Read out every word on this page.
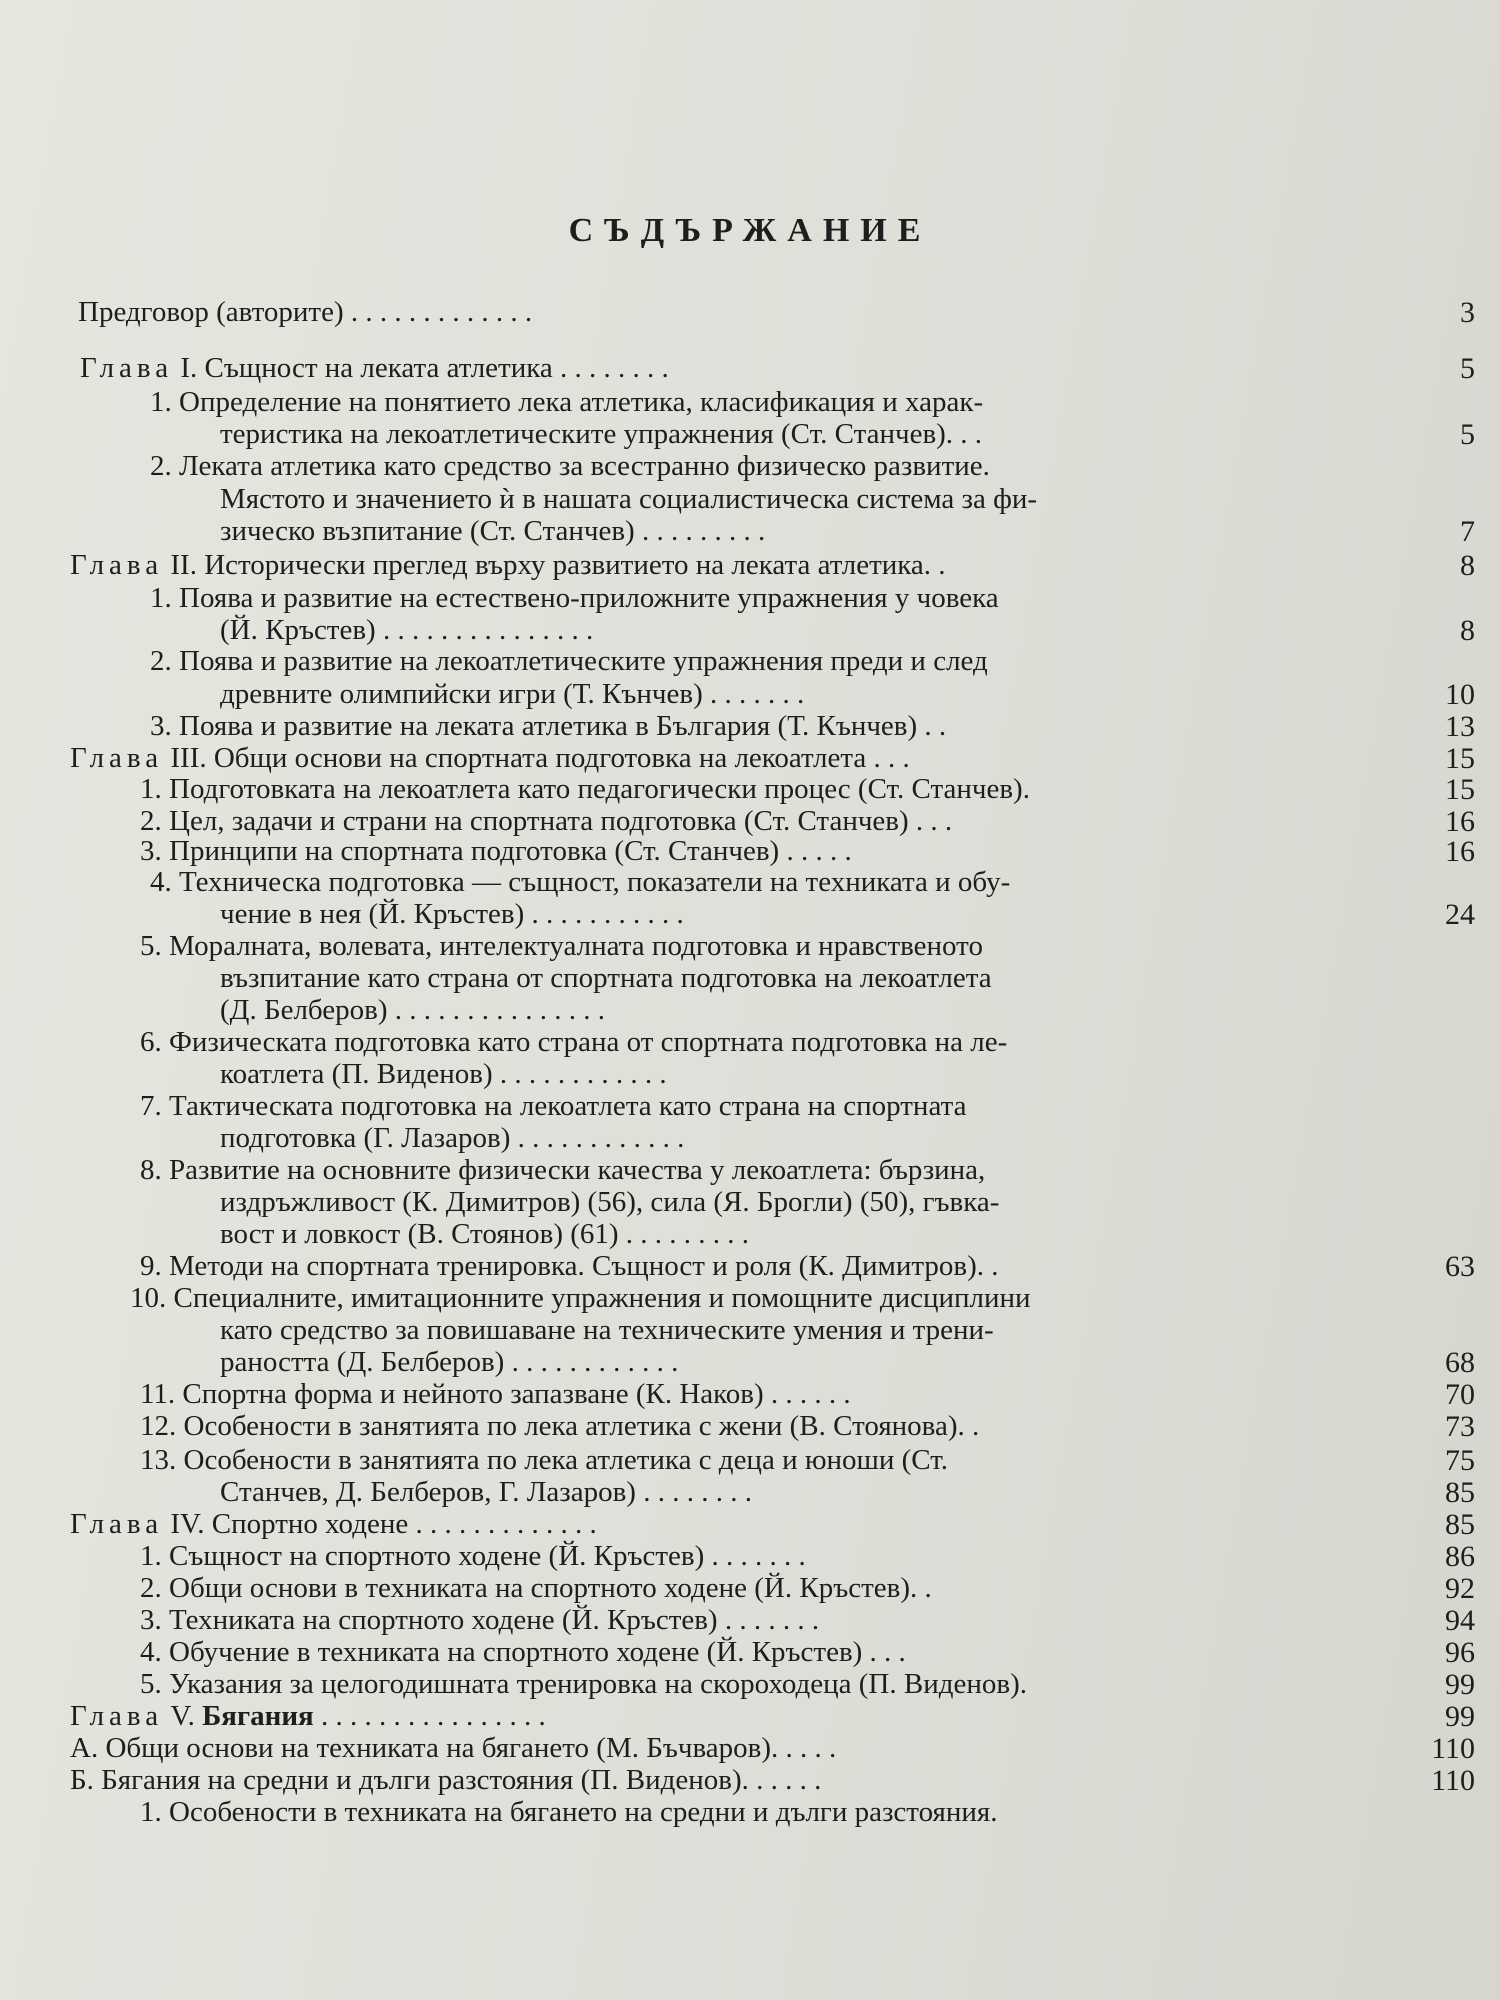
СЪДЪРЖАНИЕ
Предговор (авторите) . . . . . . . . . . . . .	3
Глава I. Същност на леката атлетика . . . . . . . .	5
1. Определение на понятието лека атлетика, класификация и харак-
теристика на лекоатлетическите упражнения (Ст. Станчев). . .	5
2. Леката атлетика като средство за всестранно физическо развитие.
Мястото и значението ѝ в нашата социалистическа система за фи-
зическо възпитание (Ст. Станчев) . . . . . . . . .	7
Глава II. Исторически преглед върху развитието на леката атлетика. .	8
1. Поява и развитие на естествено-приложните упражнения у човека
(Й. Кръстев) . . . . . . . . . . . . . . .	8
2. Поява и развитие на лекоатлетическите упражнения преди и след
древните олимпийски игри (Т. Кънчев) . . . . . . .	10
3. Поява и развитие на леката атлетика в България (Т. Кънчев) . .	13
Глава III. Общи основи на спортната подготовка на лекоатлета . . .	15
1. Подготовката на лекоатлета като педагогически процес (Ст. Станчев).	15
2. Цел, задачи и страни на спортната подготовка (Ст. Станчев) . . .	16
3. Принципи на спортната подготовка (Ст. Станчев) . . . . .	16
4. Техническа подготовка — същност, показатели на техниката и обу-
чение в нея (Й. Кръстев) . . . . . . . . . . .	24
5. Моралната, волевата, интелектуалната подготовка и нравственото
възпитание като страна от спортната подготовка на лекоатлета
(Д. Белберов) . . . . . . . . . . . . . . .
6. Физическата подготовка като страна от спортната подготовка на ле-
коатлета (П. Виденов) . . . . . . . . . . . .
7. Тактическата подготовка на лекоатлета като страна на спортната
подготовка (Г. Лазаров) . . . . . . . . . . . .
8. Развитие на основните физически качества у лекоатлета: бързина,
издръжливост (К. Димитров) (56), сила (Я. Брогли) (50), гъвка-
вост и ловкост (В. Стоянов) (61) . . . . . . . . .
9. Методи на спортната тренировка. Същност и роля (К. Димитров). .	63
10. Специалните, имитационните упражнения и помощните дисциплини
като средство за повишаване на техническите умения и трени-
раността (Д. Белберов) . . . . . . . . . . . .	68
11. Спортна форма и нейното запазване (К. Наков) . . . . . .	70
12. Особености в занятията по лека атлетика с жени (В. Стоянова). .	73
13. Особености в занятията по лека атлетика с деца и юноши (Ст.	75
Станчев, Д. Белберов, Г. Лазаров) . . . . . . . .	85
Глава IV. Спортно ходене . . . . . . . . . . . . .	85
1. Същност на спортното ходене (Й. Кръстев) . . . . . . .	86
2. Общи основи в техниката на спортното ходене (Й. Кръстев). .	92
3. Техниката на спортното ходене (Й. Кръстев) . . . . . . .	94
4. Обучение в техниката на спортното ходене (Й. Кръстев) . . .	96
5. Указания за целогодишната тренировка на скороходеца (П. Виденов).	99
Глава V. Бягания . . . . . . . . . . . . . . . .	99
А. Общи основи на техниката на бягането (М. Бъчваров). . . . .	110
Б. Бягания на средни и дълги разстояния (П. Виденов). . . . . .	110
1. Особености в техниката на бягането на средни и дълги разстояния.
